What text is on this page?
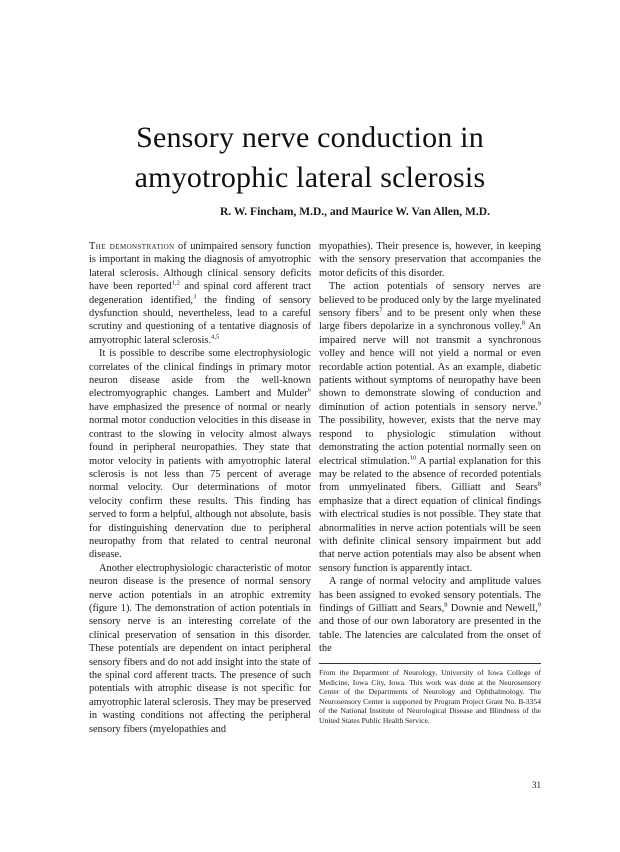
Sensory nerve conduction in
amyotrophic lateral sclerosis
R. W. Fincham, M.D., and Maurice W. Van Allen, M.D.

The demonstration of unimpaired sensory function is important in making the diagnosis of amyotrophic lateral sclerosis. Although clinical sensory deficits have been reported$^{1,2}$ and spinal cord afferent tract degeneration identified,$^3$ the finding of sensory dysfunction should, nevertheless, lead to a careful scrutiny and questioning of a tentative diagnosis of amyotrophic lateral sclerosis.$^{4,5}$

It is possible to describe some electrophysiologic correlates of the clinical findings in primary motor neuron disease aside from the well-known electromyographic changes. Lambert and Mulder$^6$ have emphasized the presence of normal or nearly normal motor conduction velocities in this disease in contrast to the slowing in velocity almost always found in peripheral neuropathies. They state that motor velocity in patients with amyotrophic lateral sclerosis is not less than 75 percent of average normal velocity. Our determinations of motor velocity confirm these results. This finding has served to form a helpful, although not absolute, basis for distinguishing denervation due to peripheral neuropathy from that related to central neuronal disease.

Another electrophysiologic characteristic of motor neuron disease is the presence of normal sensory nerve action potentials in an atrophic extremity (figure 1). The demonstration of action potentials in sensory nerve is an interesting correlate of the clinical preservation of sensation in this disorder. These potentials are dependent on intact peripheral sensory fibers and do not add insight into the state of the spinal cord afferent tracts. The presence of such potentials with atrophic disease is not specific for amyotrophic lateral sclerosis. They may be preserved in wasting conditions not affecting the peripheral sensory fibers (myelopathies and

myopathies). Their presence is, however, in keeping with the sensory preservation that accompanies the motor deficits of this disorder.

The action potentials of sensory nerves are believed to be produced only by the large myelinated sensory fibers$^7$ and to be present only when these large fibers depolarize in a synchronous volley.$^8$ An impaired nerve will not transmit a synchronous volley and hence will not yield a normal or even recordable action potential. As an example, diabetic patients without symptoms of neuropathy have been shown to demonstrate slowing of conduction and diminution of action potentials in sensory nerve.$^9$ The possibility, however, exists that the nerve may respond to physiologic stimulation without demonstrating the action potential normally seen on electrical stimulation.$^{10}$ A partial explanation for this may be related to the absence of recorded potentials from unmyelinated fibers. Gilliatt and Sears$^8$ emphasize that a direct equation of clinical findings with electrical studies is not possible. They state that abnormalities in nerve action potentials will be seen with definite clinical sensory impairment but add that nerve action potentials may also be absent when sensory function is apparently intact.

A range of normal velocity and amplitude values has been assigned to evoked sensory potentials. The findings of Gilliatt and Sears,$^8$ Downie and Newell,$^9$ and those of our own laboratory are presented in the table. The latencies are calculated from the onset of the

From the Department of Neurology, University of Iowa College of Medicine, Iowa City, Iowa. This work was done at the Neurosensory Center of the Departments of Neurology and Ophthalmology. The Neurosensory Center is supported by Program Project Grant No. B-3354 of the National Institute of Neurological Disease and Blindness of the United States Public Health Service.
31
